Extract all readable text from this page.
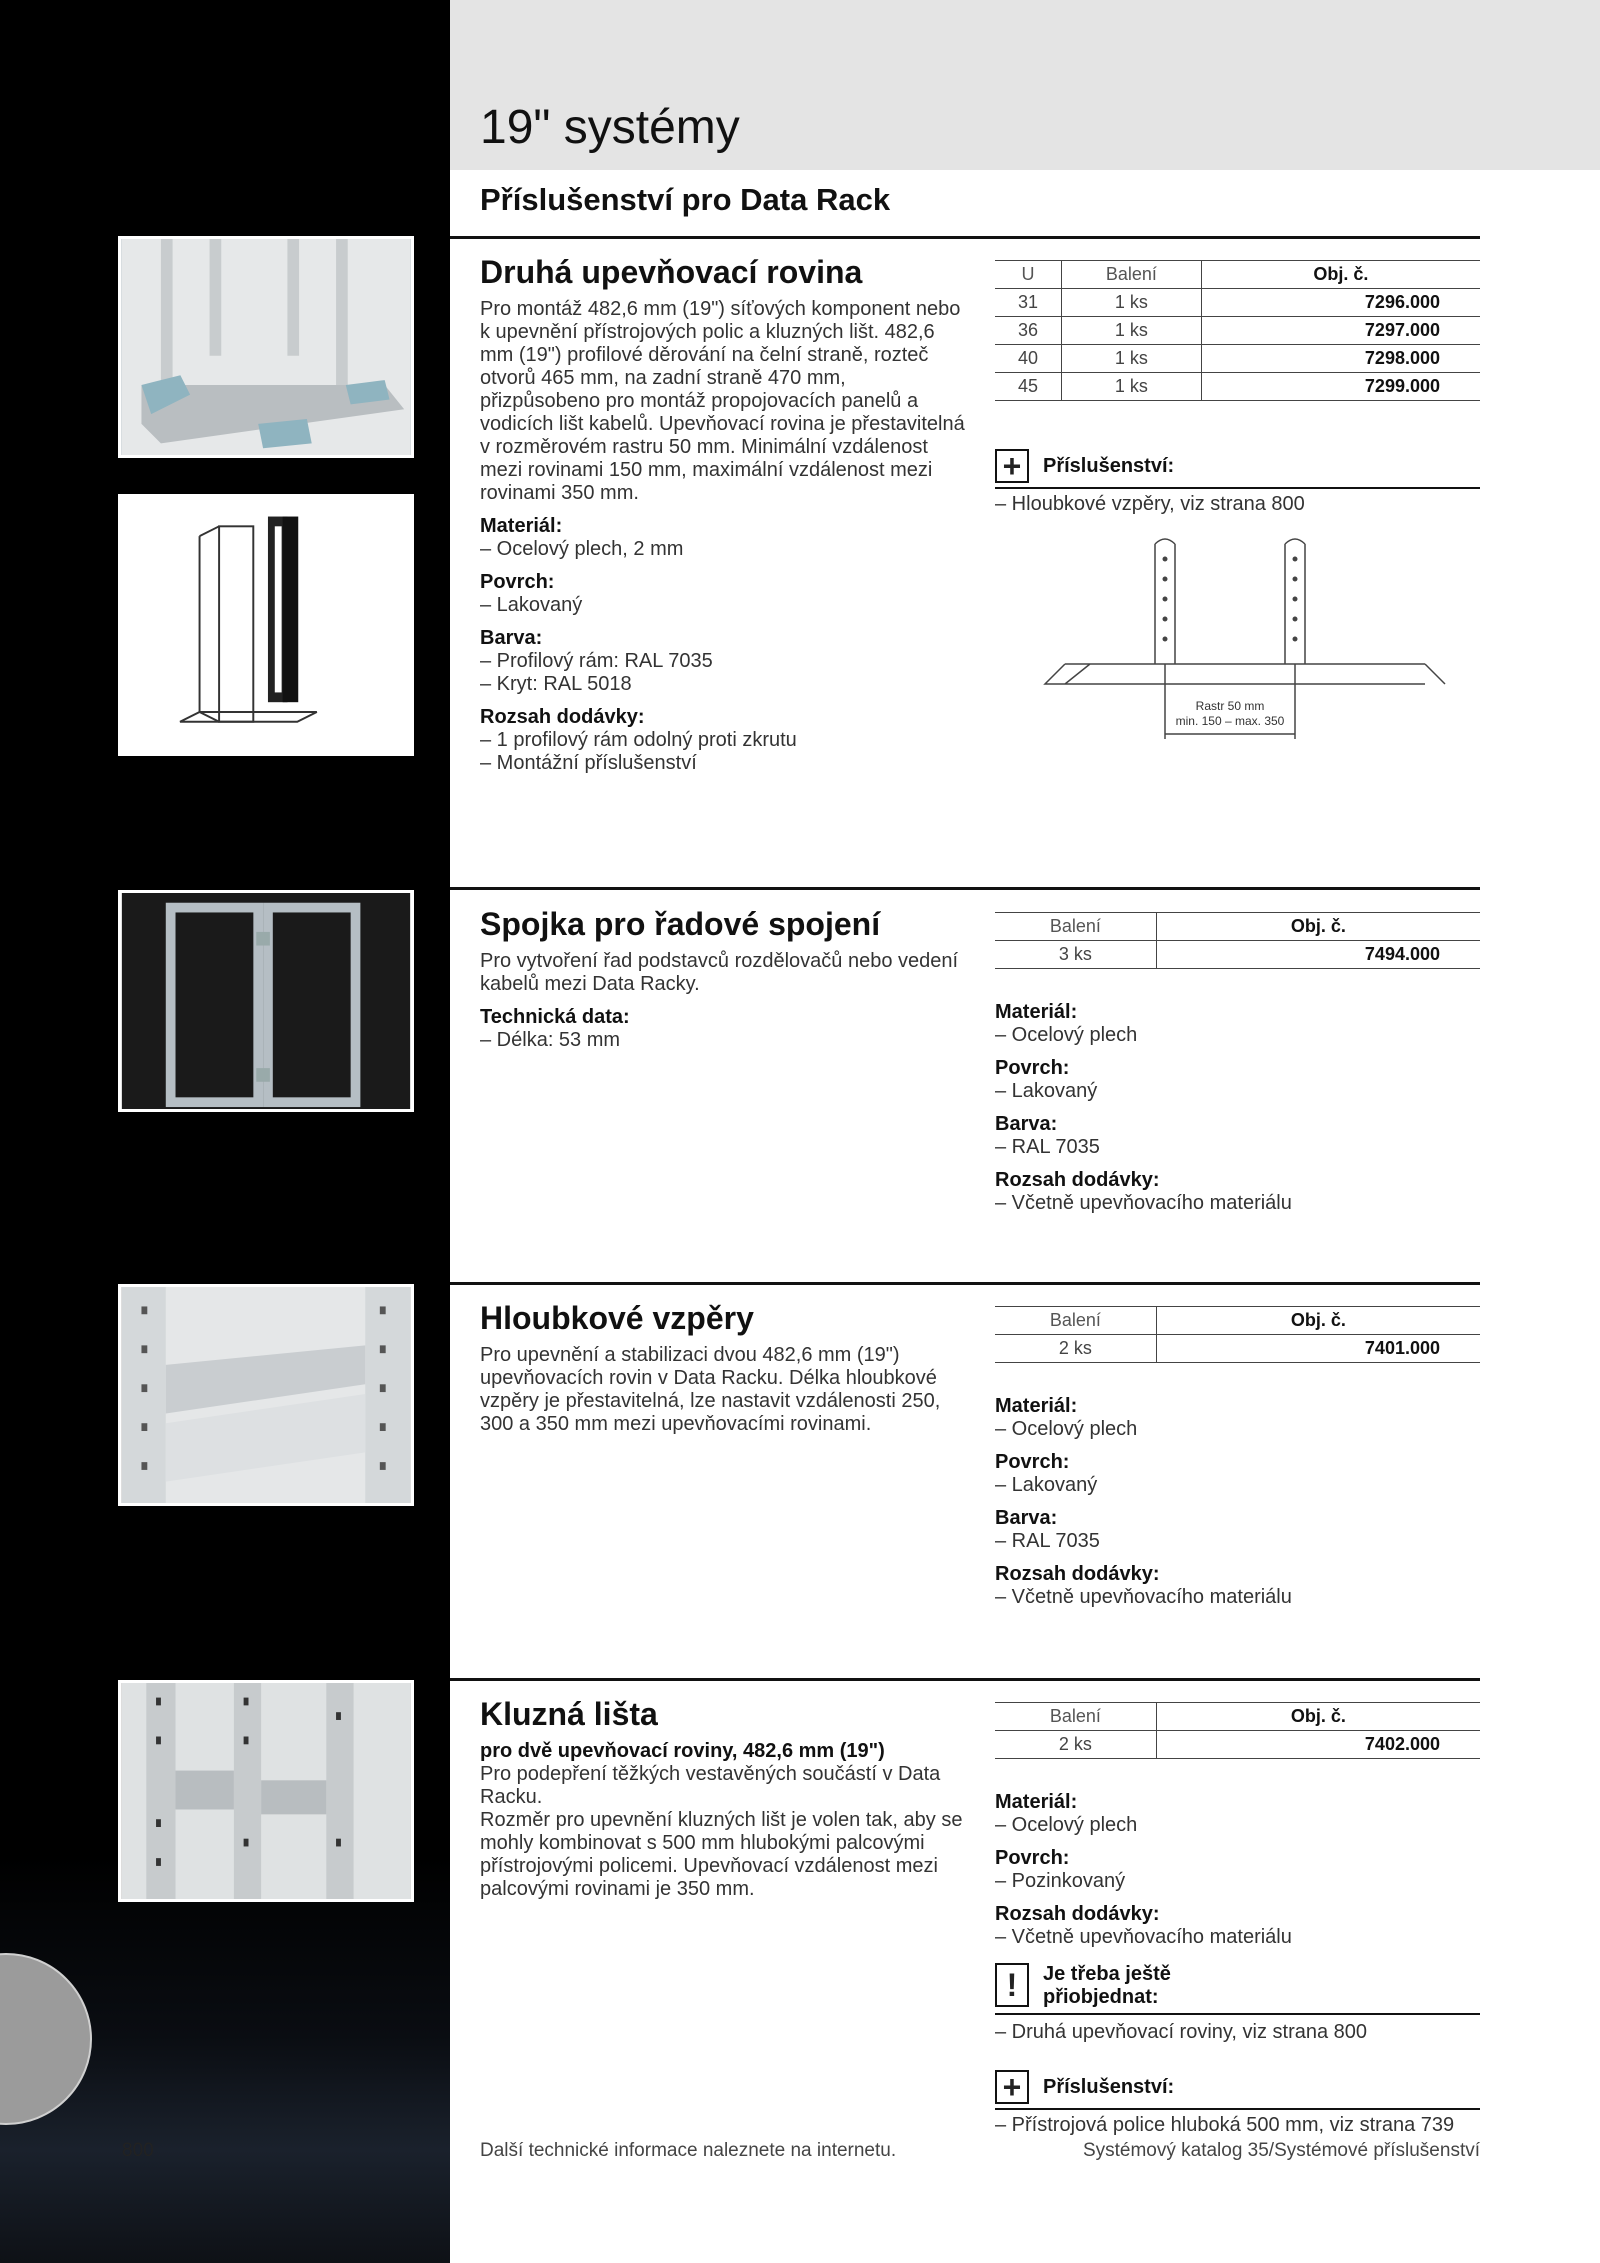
19" systémy
Příslušenství pro Data Rack
Druhá upevňovací rovina

Pro montáž 482,6 mm (19") síťových komponent nebo k upevnění přístrojových polic a kluzných lišt. 482,6 mm (19") profilové děrování na čelní straně, rozteč otvorů 465 mm, na zadní straně 470 mm, přizpůsobeno pro montáž propojovacích panelů a vodicích lišt kabelů. Upevňovací rovina je přestavitelná v rozměrovém rastru 50 mm. Minimální vzdálenost mezi rovinami 150 mm, maximální vzdálenost mezi rovinami 350 mm.

Materiál:
– Ocelový plech, 2 mm
Povrch:
– Lakovaný
Barva:
– Profilový rám: RAL 7035
– Kryt: RAL 5018
Rozsah dodávky:
– 1 profilový rám odolný proti zkrutu
– Montážní příslušenství
U	Balení	Obj. č.
31	1 ks	7296.000
36	1 ks	7297.000
40	1 ks	7298.000
45	1 ks	7299.000
+	Příslušenství:
– Hloubkové vzpěry, viz strana 800
Rastr 50 mm
min. 150 – max. 350
Spojka pro řadové spojení

Pro vytvoření řad podstavců rozdělovačů nebo vedení kabelů mezi Data Racky.

Technická data:
– Délka: 53 mm
Balení	Obj. č.
3 ks	7494.000
Materiál:
– Ocelový plech
Povrch:
– Lakovaný
Barva:
– RAL 7035
Rozsah dodávky:
– Včetně upevňovacího materiálu
Hloubkové vzpěry

Pro upevnění a stabilizaci dvou 482,6 mm (19") upevňovacích rovin v Data Racku. Délka hloubkové vzpěry je přestavitelná, lze nastavit vzdálenosti 250, 300 a 350 mm mezi upevňovacími rovinami.

Balení	Obj. č.
2 ks	7401.000
Materiál:
– Ocelový plech
Povrch:
– Lakovaný
Barva:
– RAL 7035
Rozsah dodávky:
– Včetně upevňovacího materiálu
Kluzná lišta
pro dvě upevňovací roviny, 482,6 mm (19")

Pro podepření těžkých vestavěných součástí v Data Racku.

Rozměr pro upevnění kluzných lišt je volen tak, aby se mohly kombinovat s 500 mm hlubokými palcovými přístrojovými policemi. Upevňovací vzdálenost mezi palcovými rovinami je 350 mm.

Balení	Obj. č.
2 ks	7402.000
Materiál:
– Ocelový plech
Povrch:
– Pozinkovaný
Rozsah dodávky:
– Včetně upevňovacího materiálu
!	Je třeba ještě
přiobjednat:
– Druhá upevňovací roviny, viz strana 800
+	Příslušenství:
– Přístrojová police hluboká 500 mm, viz strana 739
800	Další technické informace naleznete na internetu.	Systémový katalog 35/Systémové příslušenství
